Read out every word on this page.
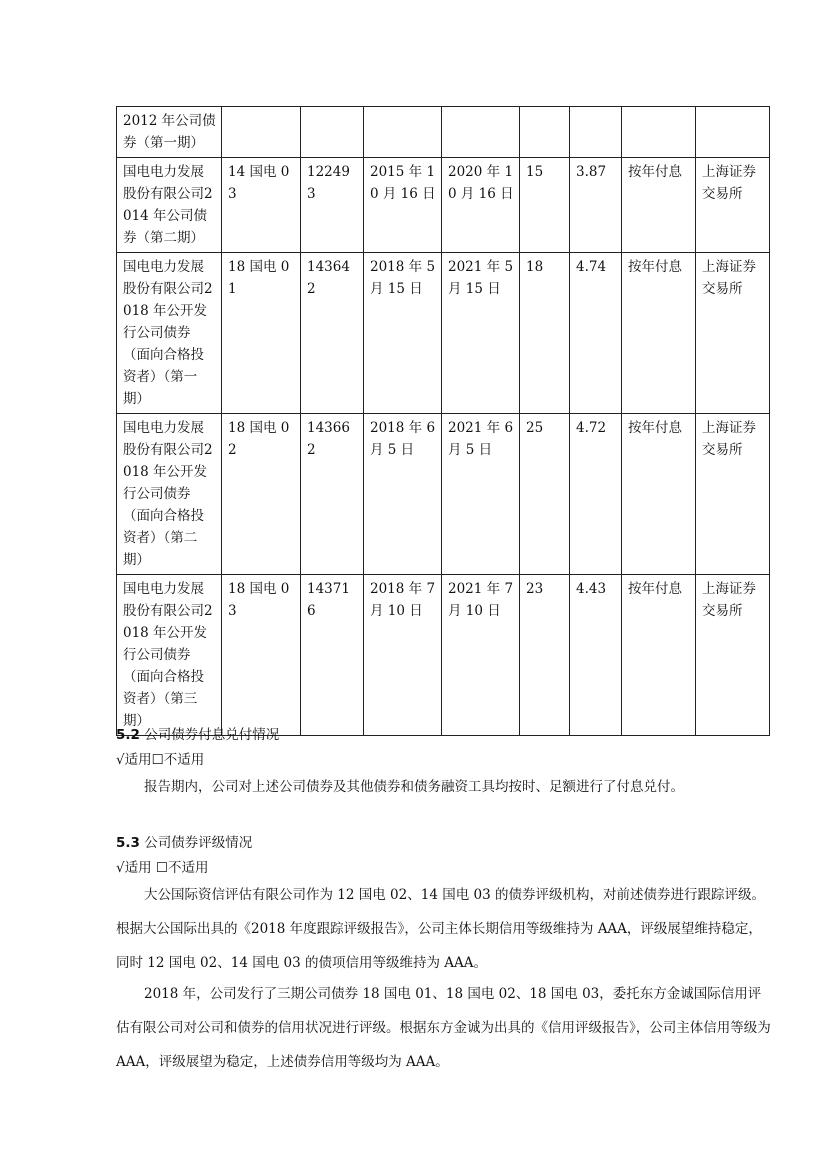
2012 年公司债券（第一期）								
国电电力发展股份有限公司2014 年公司债券（第二期）	14 国电 03	122493	2015 年 10 月 16 日	2020 年 10 月 16 日	15	3.87	按年付息	上海证券交易所
国电电力发展股份有限公司2018 年公开发行公司债券（面向合格投资者）（第一期）	18 国电 01	143642	2018 年 5 月 15 日	2021 年 5 月 15 日	18	4.74	按年付息	上海证券交易所
国电电力发展股份有限公司2018 年公开发行公司债券（面向合格投资者）（第二期）	18 国电 02	143662	2018 年 6 月 5 日	2021 年 6 月 5 日	25	4.72	按年付息	上海证券交易所
国电电力发展股份有限公司2018 年公开发行公司债券（面向合格投资者）（第三期）	18 国电 03	143716	2018 年 7 月 10 日	2021 年 7 月 10 日	23	4.43	按年付息	上海证券交易所
5.2 公司债券付息兑付情况
√适用☐不适用
报告期内，公司对上述公司债券及其他债券和债务融资工具均按时、足额进行了付息兑付。
5.3 公司债券评级情况
√适用 ☐不适用
大公国际资信评估有限公司作为 12 国电 02、14 国电 03 的债券评级机构，对前述债券进行跟踪评级。根据大公国际出具的《2018 年度跟踪评级报告》，公司主体长期信用等级维持为 AAA，评级展望维持稳定，同时 12 国电 02、14 国电 03 的债项信用等级维持为 AAA。
2018 年，公司发行了三期公司债券 18 国电 01、18 国电 02、18 国电 03，委托东方金诚国际信用评估有限公司对公司和债券的信用状况进行评级。根据东方金诚为出具的《信用评级报告》，公司主体信用等级为 AAA，评级展望为稳定，上述债券信用等级均为 AAA。
